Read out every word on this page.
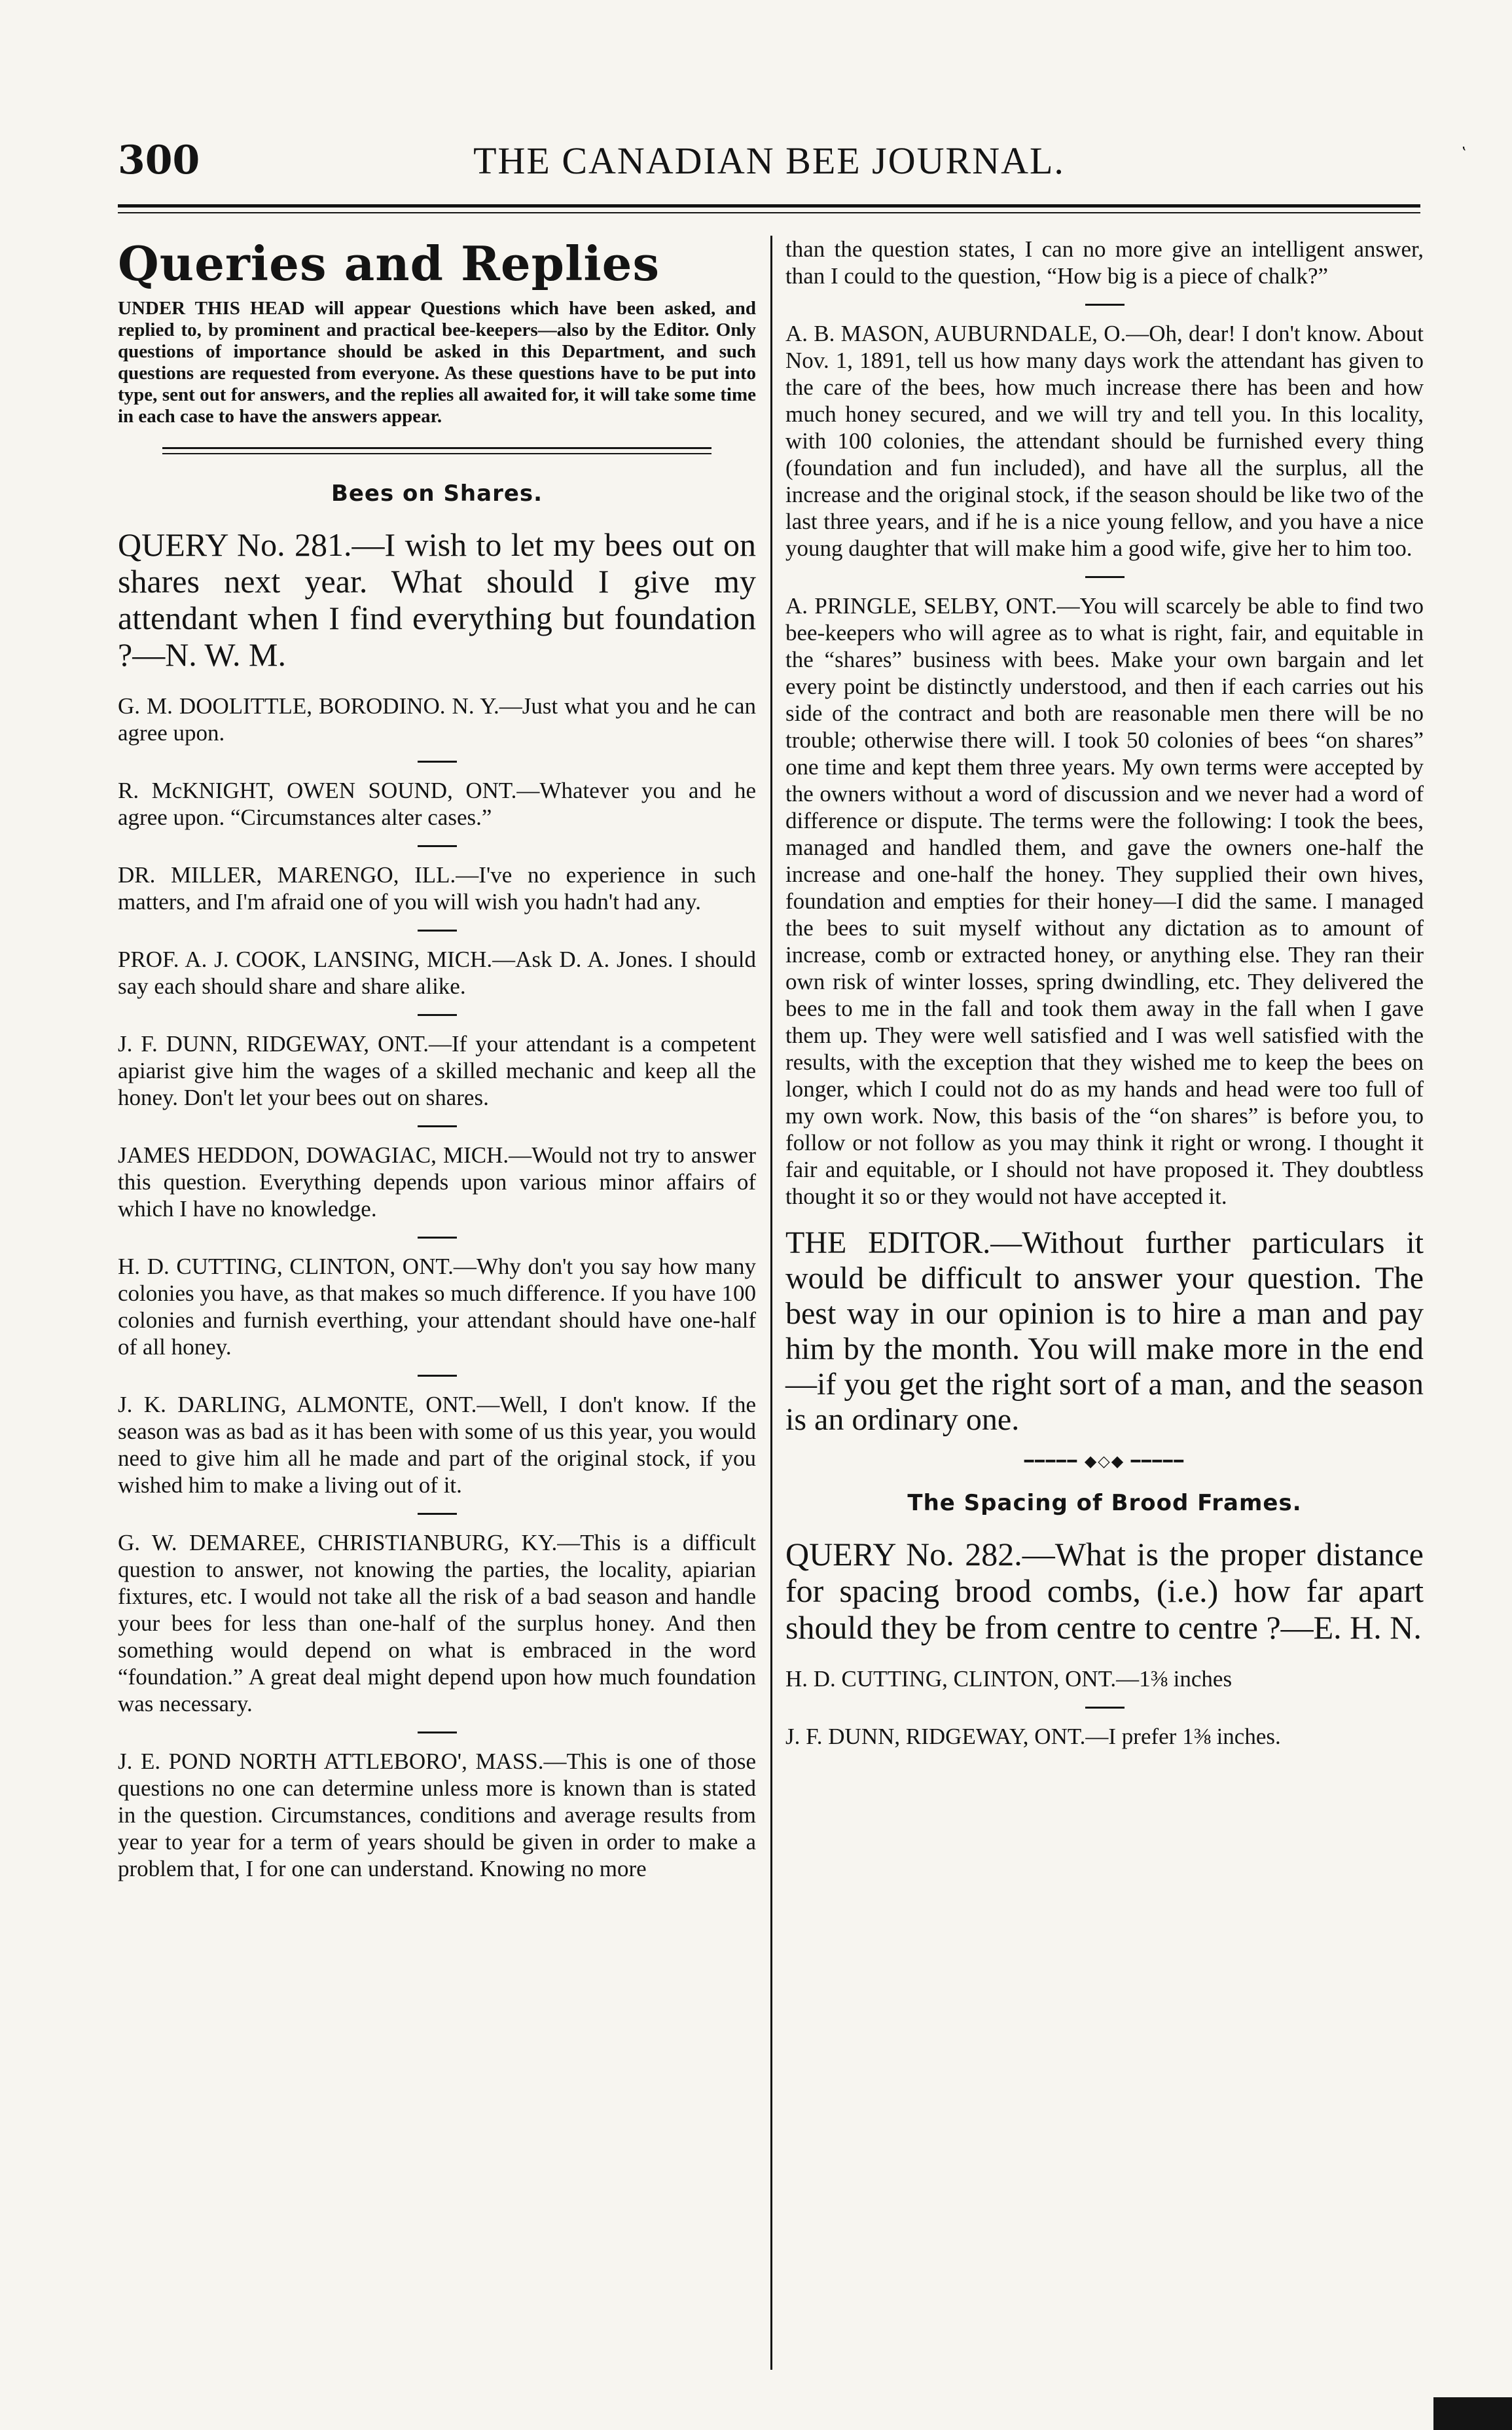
300	THE CANADIAN BEE JOURNAL.	ʽ
Queries and Replies

UNDER THIS HEAD will appear Questions which have been asked, and replied to, by prominent and practical bee-keepers—also by the Editor. Only questions of importance should be asked in this Department, and such questions are requested from everyone. As these questions have to be put into type, sent out for answers, and the replies all awaited for, it will take some time in each case to have the answers appear.

Bees on Shares.

QUERY No. 281.—I wish to let my bees out on shares next year. What should I give my attendant when I find everything but foundation ?—N. W. M.

G. M. DOOLITTLE, BORODINO. N. Y.—Just what you and he can agree upon.

R. McKNIGHT, OWEN SOUND, ONT.—Whatever you and he agree upon. “Circumstances alter cases.”

DR. MILLER, MARENGO, ILL.—I've no experience in such matters, and I'm afraid one of you will wish you hadn't had any.

PROF. A. J. COOK, LANSING, MICH.—Ask D. A. Jones. I should say each should share and share alike.

J. F. DUNN, RIDGEWAY, ONT.—If your attendant is a competent apiarist give him the wages of a skilled mechanic and keep all the honey. Don't let your bees out on shares.

JAMES HEDDON, DOWAGIAC, MICH.—Would not try to answer this question. Everything depends upon various minor affairs of which I have no knowledge.

H. D. CUTTING, CLINTON, ONT.—Why don't you say how many colonies you have, as that makes so much difference. If you have 100 colonies and furnish everthing, your attendant should have one-half of all honey.

J. K. DARLING, ALMONTE, ONT.—Well, I don't know. If the season was as bad as it has been with some of us this year, you would need to give him all he made and part of the original stock, if you wished him to make a living out of it.

G. W. DEMAREE, CHRISTIANBURG, KY.—This is a difficult question to answer, not knowing the parties, the locality, apiarian fixtures, etc. I would not take all the risk of a bad season and handle your bees for less than one-half of the surplus honey. And then something would depend on what is embraced in the word “foundation.” A great deal might depend upon how much foundation was necessary.

J. E. POND NORTH ATTLEBORO', MASS.—This is one of those questions no one can determine unless more is known than is stated in the question. Circumstances, conditions and average results from year to year for a term of years should be given in order to make a problem that, I for one can understand. Knowing no more

than the question states, I can no more give an intelligent answer, than I could to the question, “How big is a piece of chalk?”

A. B. MASON, AUBURNDALE, O.—Oh, dear! I don't know. About Nov. 1, 1891, tell us how many days work the attendant has given to the care of the bees, how much increase there has been and how much honey secured, and we will try and tell you. In this locality, with 100 colonies, the attendant should be furnished every thing (foundation and fun included), and have all the surplus, all the increase and the original stock, if the season should be like two of the last three years, and if he is a nice young fellow, and you have a nice young daughter that will make him a good wife, give her to him too.

A. PRINGLE, SELBY, ONT.—You will scarcely be able to find two bee-keepers who will agree as to what is right, fair, and equitable in the “shares” business with bees. Make your own bargain and let every point be distinctly understood, and then if each carries out his side of the contract and both are reasonable men there will be no trouble; otherwise there will. I took 50 colonies of bees “on shares” one time and kept them three years. My own terms were accepted by the owners without a word of discussion and we never had a word of difference or dispute. The terms were the following: I took the bees, managed and handled them, and gave the owners one-half the increase and one-half the honey. They supplied their own hives, foundation and empties for their honey—I did the same. I managed the bees to suit myself without any dictation as to amount of increase, comb or extracted honey, or anything else. They ran their own risk of winter losses, spring dwindling, etc. They delivered the bees to me in the fall and took them away in the fall when I gave them up. They were well satisfied and I was well satisfied with the results, with the exception that they wished me to keep the bees on longer, which I could not do as my hands and head were too full of my own work. Now, this basis of the “on shares” is before you, to follow or not follow as you may think it right or wrong. I thought it fair and equitable, or I should not have proposed it. They doubtless thought it so or they would not have accepted it.

THE EDITOR.—Without further particulars it would be difficult to answer your question. The best way in our opinion is to hire a man and pay him by the month. You will make more in the end—if you get the right sort of a man, and the season is an ordinary one.

━━━━━ ◆◇◆ ━━━━━
The Spacing of Brood Frames.

QUERY No. 282.—What is the proper distance for spacing brood combs, (i.e.) how far apart should they be from centre to centre ?—E. H. N.

H. D. CUTTING, CLINTON, ONT.—1⅜ inches

J. F. DUNN, RIDGEWAY, ONT.—I prefer 1⅜ inches.
